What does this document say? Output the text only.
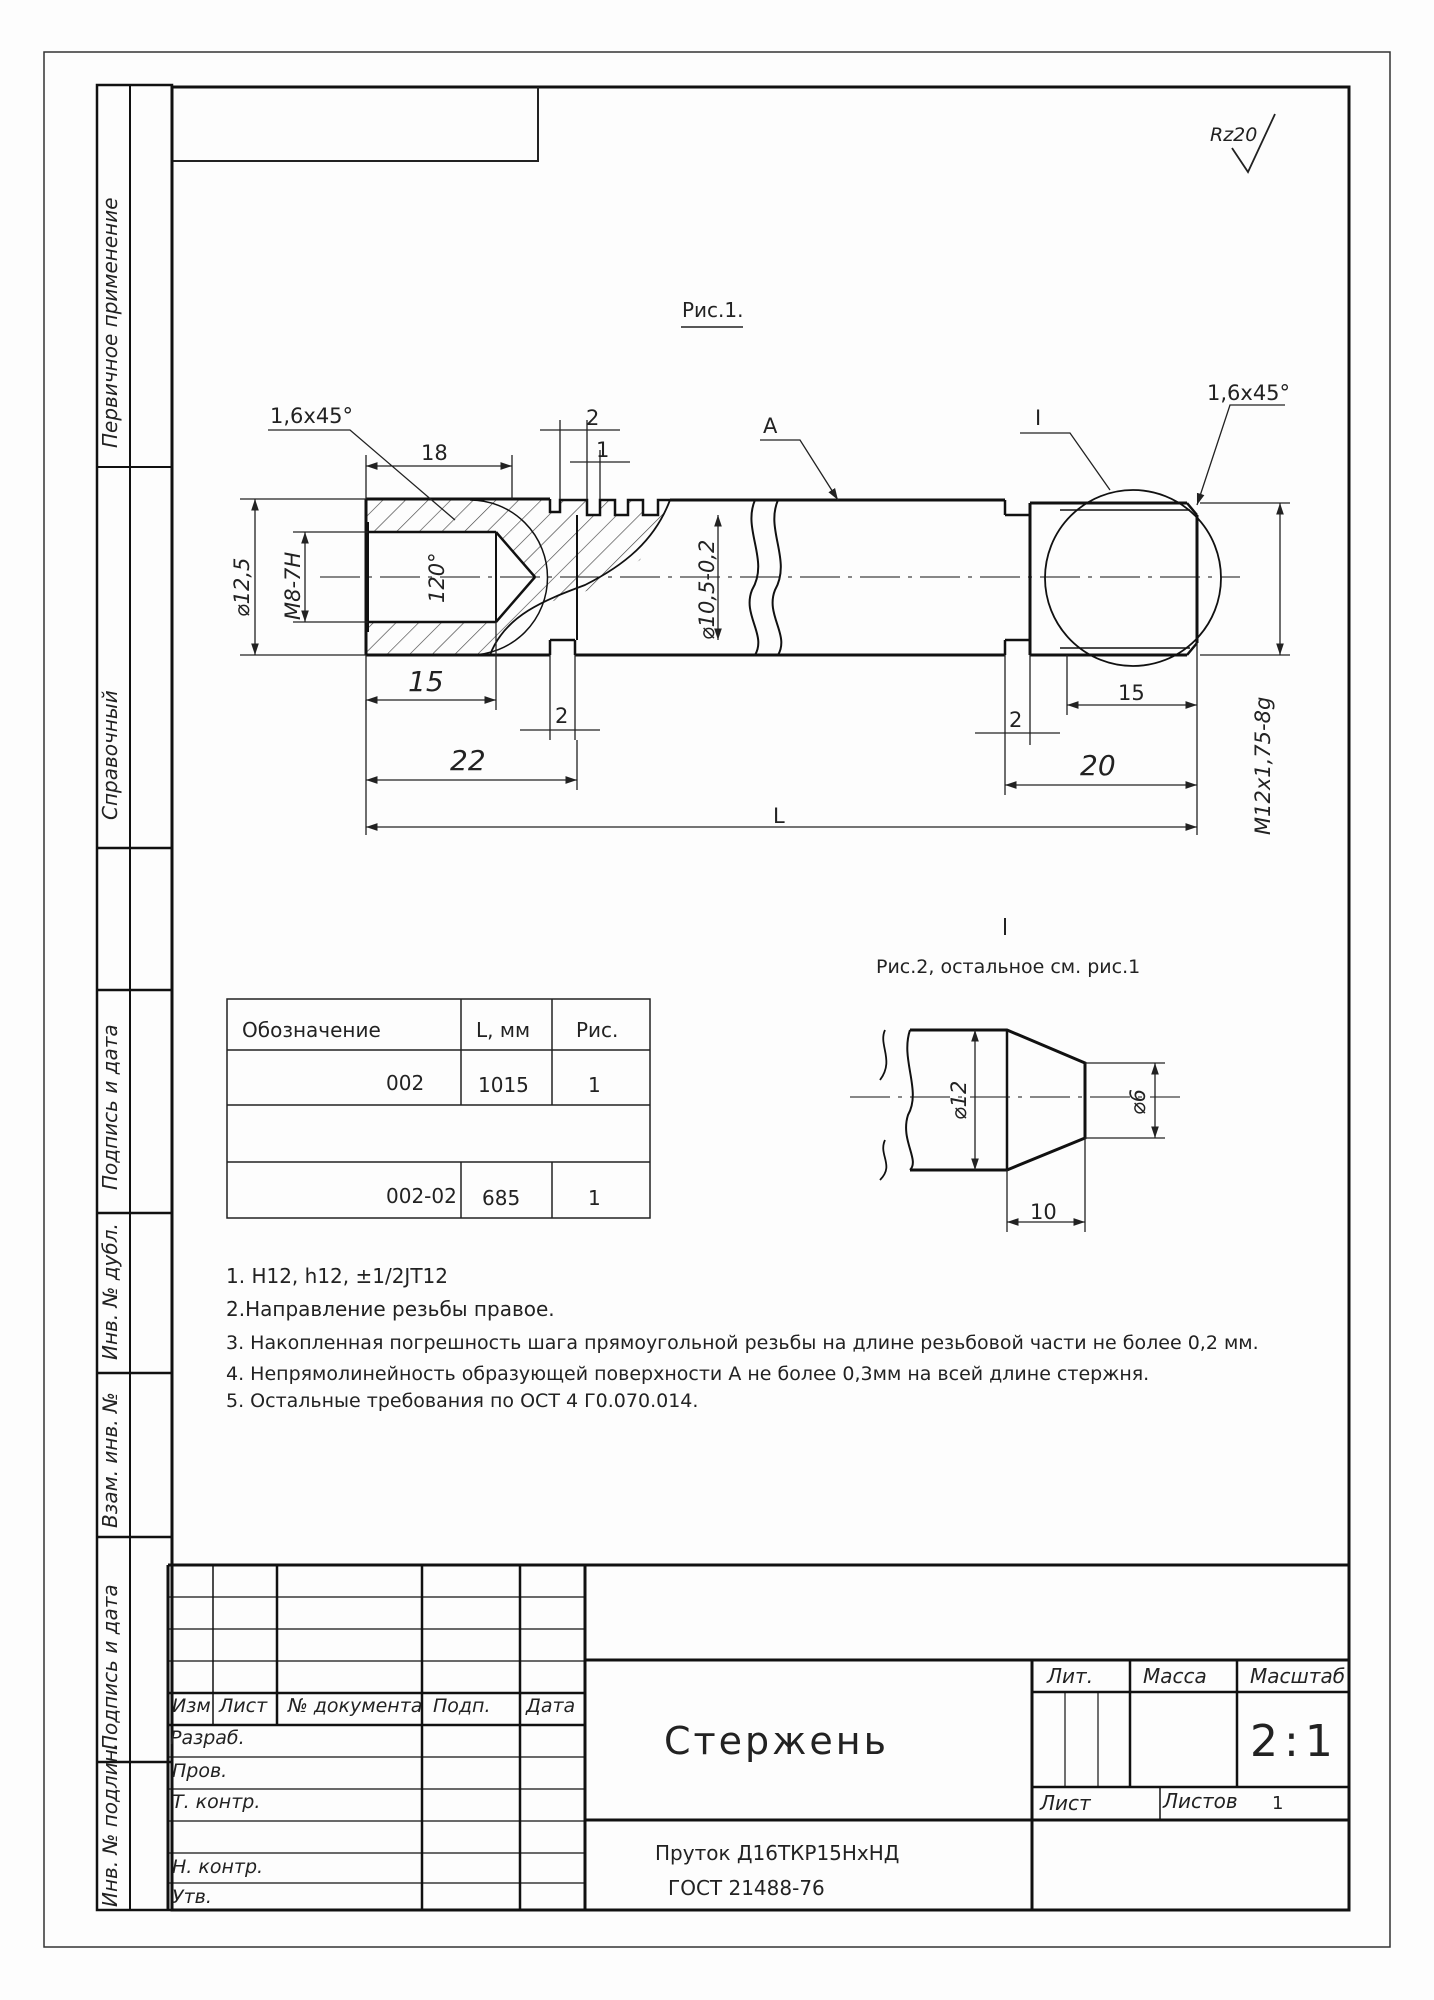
Rz20
Рис.1.
1,6х45°
18
2
1
А	I
1,6х45°
⌀12,5 М8-7Н	120°	⌀10,5-0,2
15
2
22
2
15
20
L	М12х1,75-8g
Рис.2, остальное см. рис.1
⌀12	⌀6
10
Обозначение	L, мм Рис.
002	1015	1
002-02 685	1
1. Н12, h12, ±1/2JT12
2.Направление резьбы правое.
3. Накопленная погрешность шага прямоугольной резьбы на длине резьбовой части не более 0,2 мм.
4. Непрямолинейность образующей поверхности А не более 0,3мм на всей длине стержня.
5. Остальные требования по ОСТ 4 Г0.070.014.
Первичное применение
Справочный
Подпись и дата
Инв. № дубл.
Взам. инв. №
Подпись и дата
Инв. № подлин.
Изм Лист № документа Подп. Дата
Разраб.
Пров.
Т. контр.
Н. контр.
Утв.
Стержень
Лит. Масса Масштаб
2:1
Лист	Листов 1
Пруток Д16ТКР15НхНД
ГОСТ 21488-76
